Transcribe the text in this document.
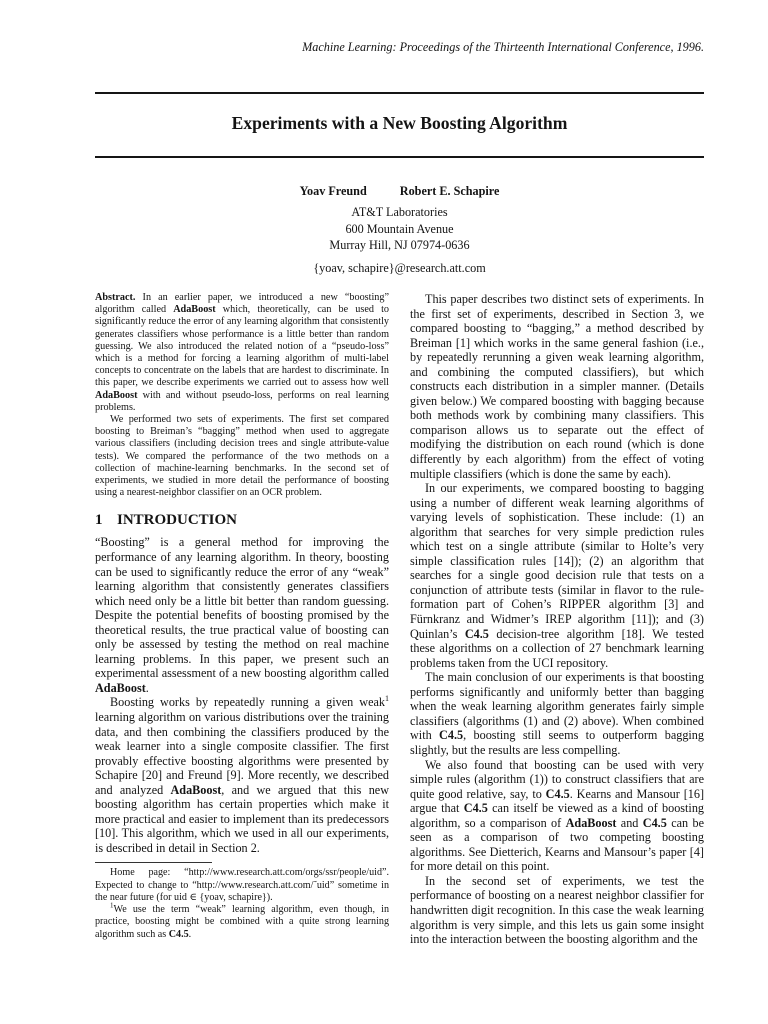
Machine Learning: Proceedings of the Thirteenth International Conference, 1996.
Experiments with a New Boosting Algorithm
Yoav Freund	Robert E. Schapire
AT&T Laboratories
600 Mountain Avenue
Murray Hill, NJ 07974-0636
{yoav, schapire}@research.att.com

Abstract. In an earlier paper, we introduced a new “boosting” algorithm called AdaBoost which, theoretically, can be used to significantly reduce the error of any learning algorithm that consistently generates classifiers whose performance is a little better than random guessing. We also introduced the related notion of a “pseudo-loss” which is a method for forcing a learning algorithm of multi-label concepts to concentrate on the labels that are hardest to discriminate. In this paper, we describe experiments we carried out to assess how well AdaBoost with and without pseudo-loss, performs on real learning problems.

We performed two sets of experiments. The first set compared boosting to Breiman’s “bagging” method when used to aggregate various classifiers (including decision trees and single attribute-value tests). We compared the performance of the two methods on a collection of machine-learning benchmarks. In the second set of experiments, we studied in more detail the performance of boosting using a nearest-neighbor classifier on an OCR problem.

1 INTRODUCTION

“Boosting” is a general method for improving the performance of any learning algorithm. In theory, boosting can be used to significantly reduce the error of any “weak” learning algorithm that consistently generates classifiers which need only be a little bit better than random guessing. Despite the potential benefits of boosting promised by the theoretical results, the true practical value of boosting can only be assessed by testing the method on real machine learning problems. In this paper, we present such an experimental assessment of a new boosting algorithm called AdaBoost.

Boosting works by repeatedly running a given weak$^1$ learning algorithm on various distributions over the training data, and then combining the classifiers produced by the weak learner into a single composite classifier. The first provably effective boosting algorithms were presented by Schapire [20] and Freund [9]. More recently, we described and analyzed AdaBoost, and we argued that this new boosting algorithm has certain properties which make it more practical and easier to implement than its predecessors [10]. This algorithm, which we used in all our experiments, is described in detail in Section 2.

Home page: “http://www.research.att.com/orgs/ssr/people/uid”. Expected to change to “http://www.research.att.com/˜uid” sometime in the near future (for uid ∈ {yoav, schapire}).

$^1$We use the term “weak” learning algorithm, even though, in practice, boosting might be combined with a quite strong learning algorithm such as C4.5.

This paper describes two distinct sets of experiments. In the first set of experiments, described in Section 3, we compared boosting to “bagging,” a method described by Breiman [1] which works in the same general fashion (i.e., by repeatedly rerunning a given weak learning algorithm, and combining the computed classifiers), but which constructs each distribution in a simpler manner. (Details given below.) We compared boosting with bagging because both methods work by combining many classifiers. This comparison allows us to separate out the effect of modifying the distribution on each round (which is done differently by each algorithm) from the effect of voting multiple classifiers (which is done the same by each).

In our experiments, we compared boosting to bagging using a number of different weak learning algorithms of varying levels of sophistication. These include: (1) an algorithm that searches for very simple prediction rules which test on a single attribute (similar to Holte’s very simple classification rules [14]); (2) an algorithm that searches for a single good decision rule that tests on a conjunction of attribute tests (similar in flavor to the rule-formation part of Cohen’s RIPPER algorithm [3] and Fürnkranz and Widmer’s IREP algorithm [11]); and (3) Quinlan’s C4.5 decision-tree algorithm [18]. We tested these algorithms on a collection of 27 benchmark learning problems taken from the UCI repository.

The main conclusion of our experiments is that boosting performs significantly and uniformly better than bagging when the weak learning algorithm generates fairly simple classifiers (algorithms (1) and (2) above). When combined with C4.5, boosting still seems to outperform bagging slightly, but the results are less compelling.

We also found that boosting can be used with very simple rules (algorithm (1)) to construct classifiers that are quite good relative, say, to C4.5. Kearns and Mansour [16] argue that C4.5 can itself be viewed as a kind of boosting algorithm, so a comparison of AdaBoost and C4.5 can be seen as a comparison of two competing boosting algorithms. See Dietterich, Kearns and Mansour’s paper [4] for more detail on this point.

In the second set of experiments, we test the performance of boosting on a nearest neighbor classifier for handwritten digit recognition. In this case the weak learning algorithm is very simple, and this lets us gain some insight into the interaction between the boosting algorithm and the
